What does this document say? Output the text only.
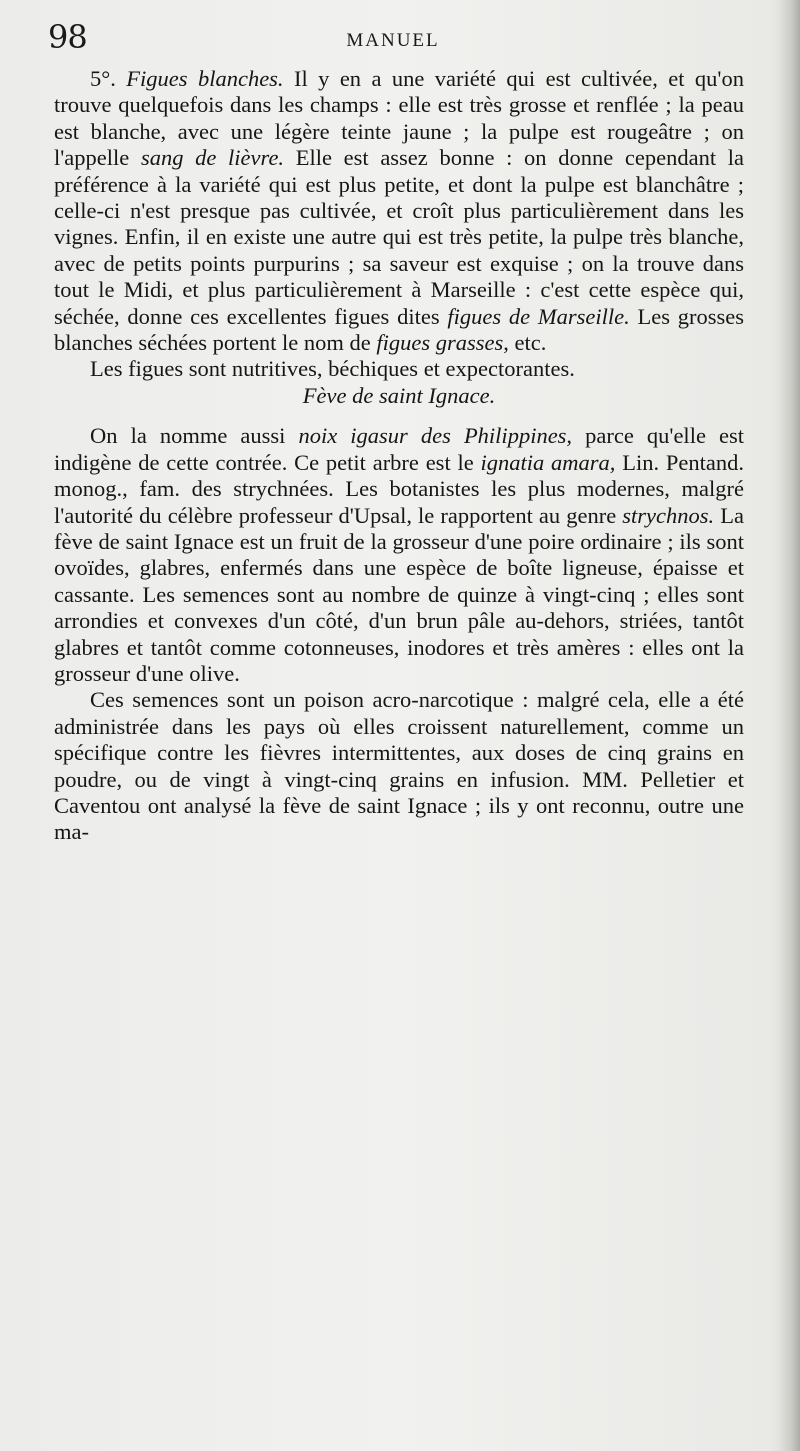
98	MANUEL

5°. Figues blanches. Il y en a une variété qui est cultivée, et qu'on trouve quelquefois dans les champs : elle est très grosse et renflée ; la peau est blanche, avec une légère teinte jaune ; la pulpe est rougeâtre ; on l'appelle sang de lièvre. Elle est assez bonne : on donne cependant la préférence à la variété qui est plus petite, et dont la pulpe est blanchâtre ; celle-ci n'est presque pas cultivée, et croît plus particulièrement dans les vignes. Enfin, il en existe une autre qui est très petite, la pulpe très blanche, avec de petits points purpurins ; sa saveur est exquise ; on la trouve dans tout le Midi, et plus particulièrement à Marseille : c'est cette espèce qui, séchée, donne ces excellentes figues dites figues de Marseille. Les grosses blanches séchées portent le nom de figues grasses, etc.

Les figues sont nutritives, béchiques et expectorantes.

Fève de saint Ignace.

On la nomme aussi noix igasur des Philippines, parce qu'elle est indigène de cette contrée. Ce petit arbre est le ignatia amara, Lin. Pentand. monog., fam. des strychnées. Les botanistes les plus modernes, malgré l'autorité du célèbre professeur d'Upsal, le rapportent au genre strychnos. La fève de saint Ignace est un fruit de la grosseur d'une poire ordinaire ; ils sont ovoïdes, glabres, enfermés dans une espèce de boîte ligneuse, épaisse et cassante. Les semences sont au nombre de quinze à vingt-cinq ; elles sont arrondies et convexes d'un côté, d'un brun pâle au-dehors, striées, tantôt glabres et tantôt comme cotonneuses, inodores et très amères : elles ont la grosseur d'une olive.

Ces semences sont un poison acro-narcotique : malgré cela, elle a été administrée dans les pays où elles croissent naturellement, comme un spécifique contre les fièvres intermittentes, aux doses de cinq grains en poudre, ou de vingt à vingt-cinq grains en infusion. MM. Pelletier et Caventou ont analysé la fève de saint Ignace ; ils y ont reconnu, outre une ma-
